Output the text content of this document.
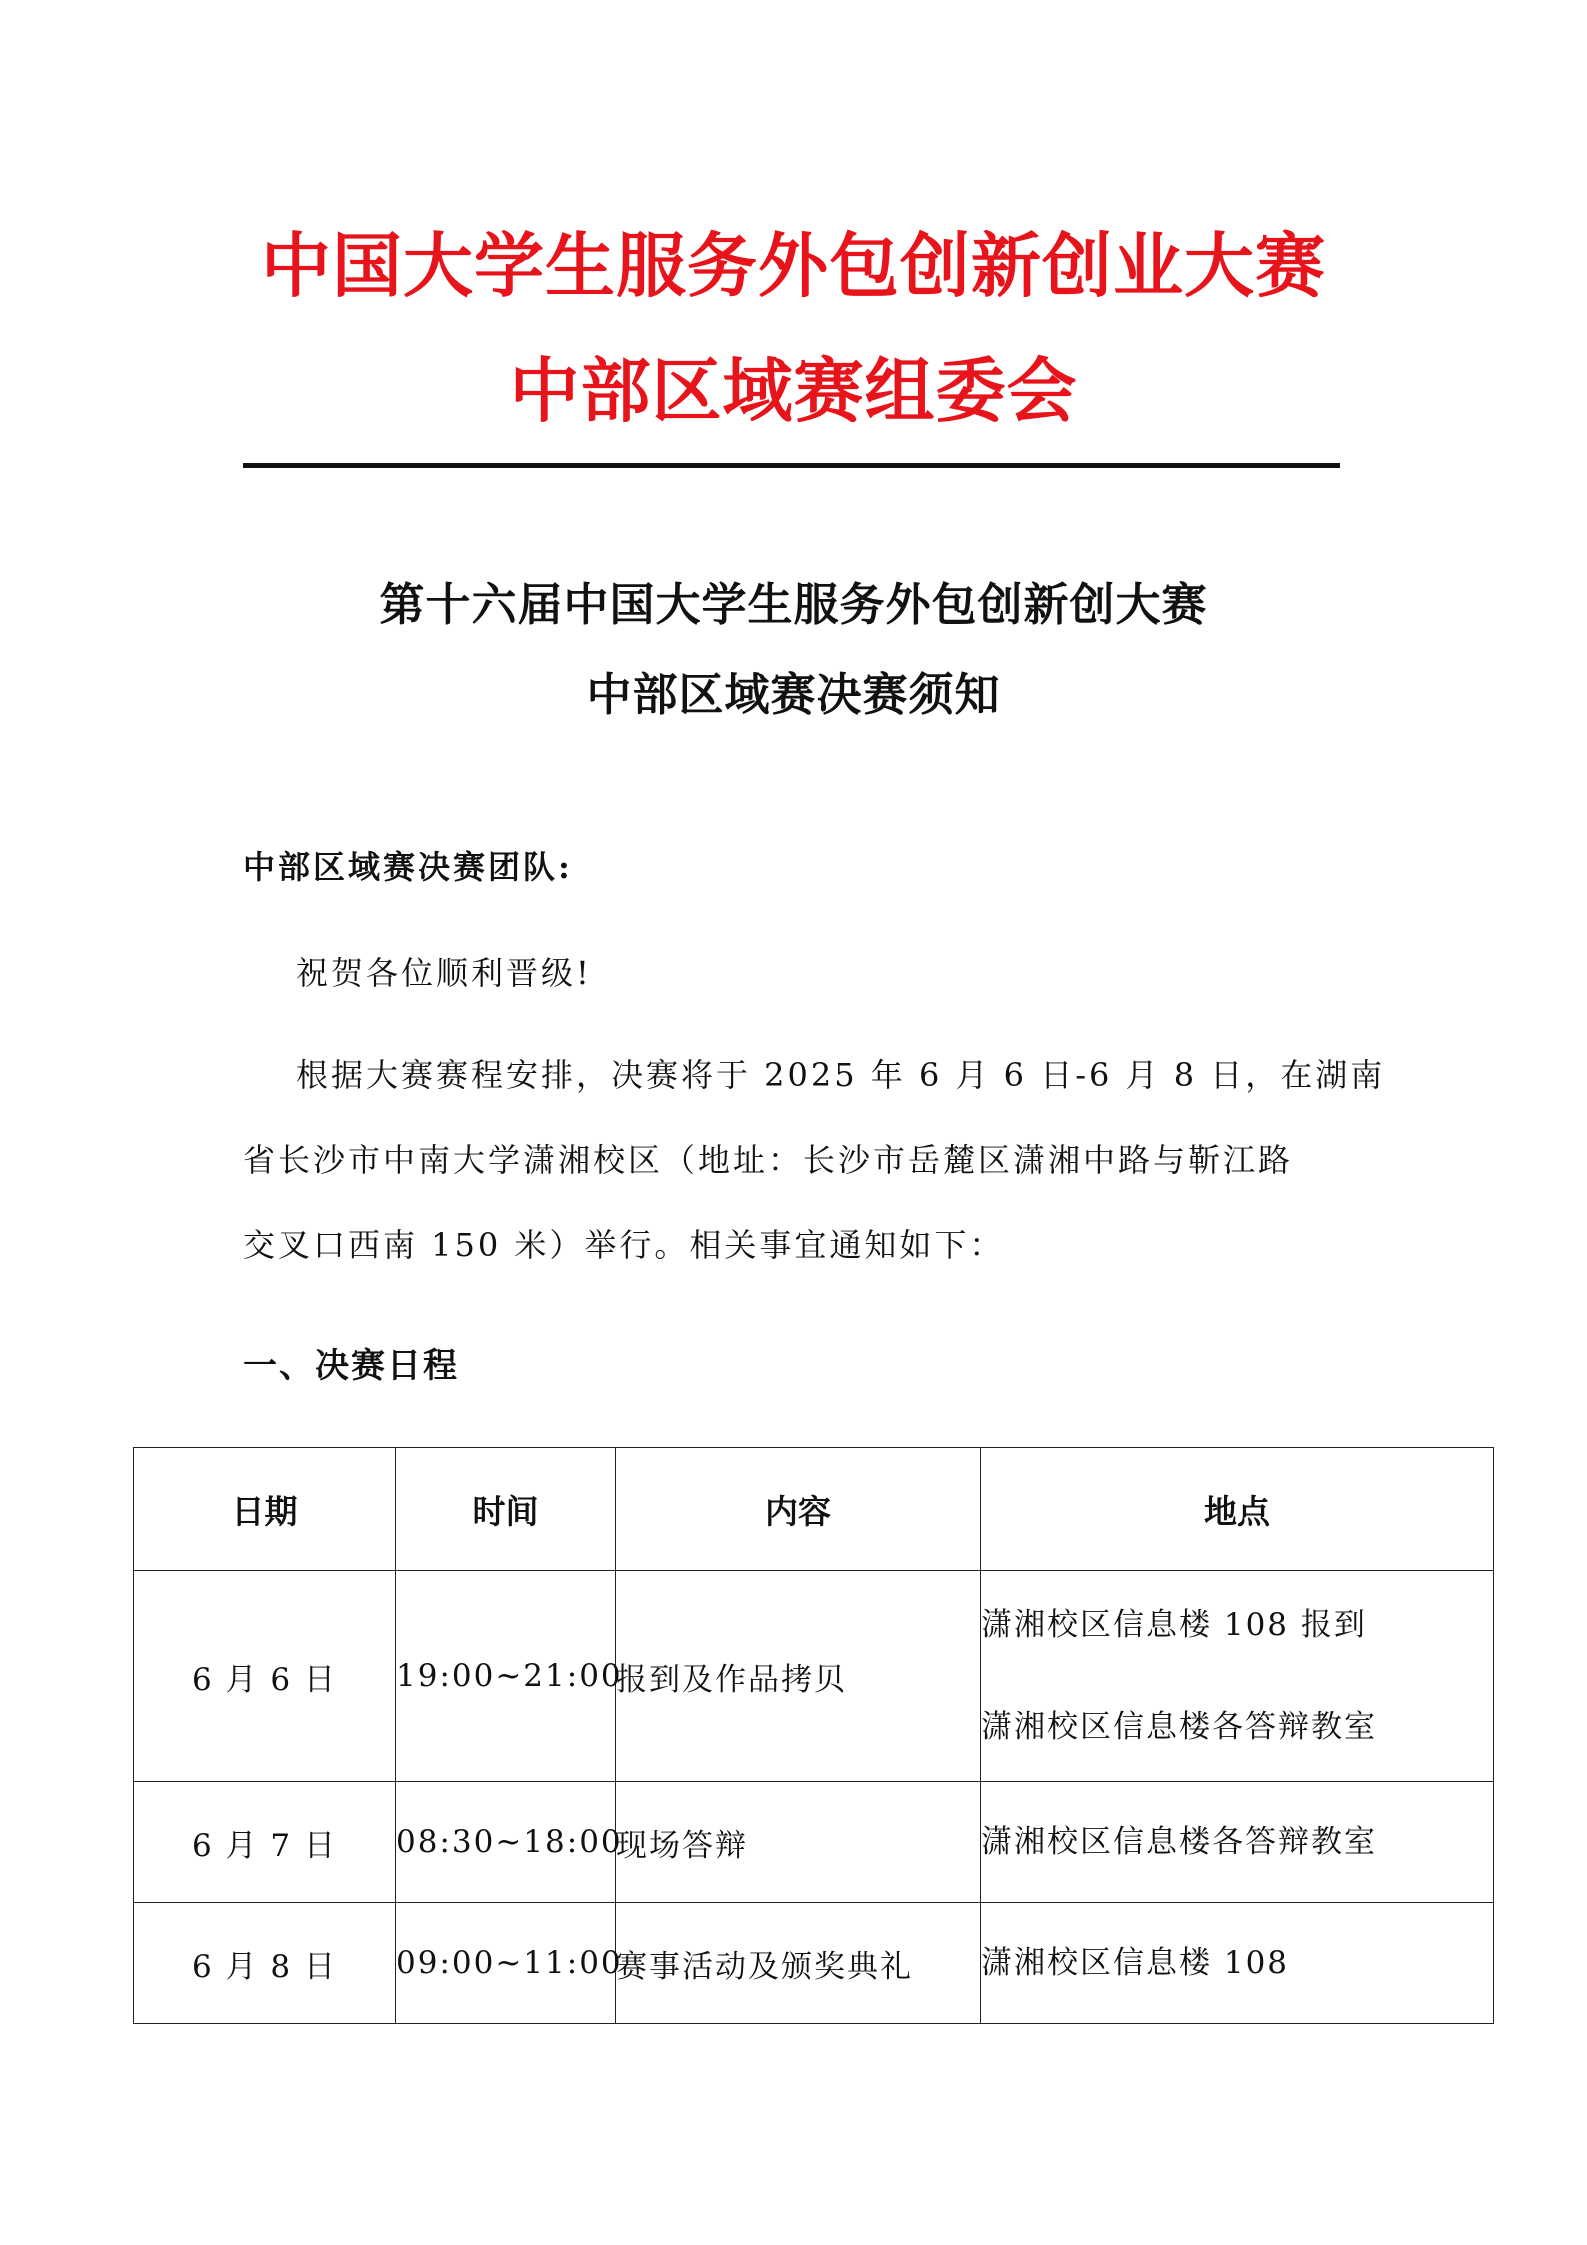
中国大学生服务外包创新创业大赛
中部区域赛组委会
第十六届中国大学生服务外包创新创大赛
中部区域赛决赛须知
中部区域赛决赛团队:
祝贺各位顺利晋级!
根据大赛赛程安排，决赛将于 2025 年 6 月 6 日-6 月 8 日，在湖南
省长沙市中南大学潇湘校区（地址：长沙市岳麓区潇湘中路与靳江路
交叉口西南 150 米）举行。相关事宜通知如下：
一、决赛日程
日期	时间	内容	地点
6 月 6 日	19:00~21:00	报到及作品拷贝	潇湘校区信息楼 108 报到
潇湘校区信息楼各答辩教室

6 月 7 日	08:30~18:00	现场答辩	潇湘校区信息楼各答辩教室

6 月 8 日	09:00~11:00	赛事活动及颁奖典礼	潇湘校区信息楼 108
